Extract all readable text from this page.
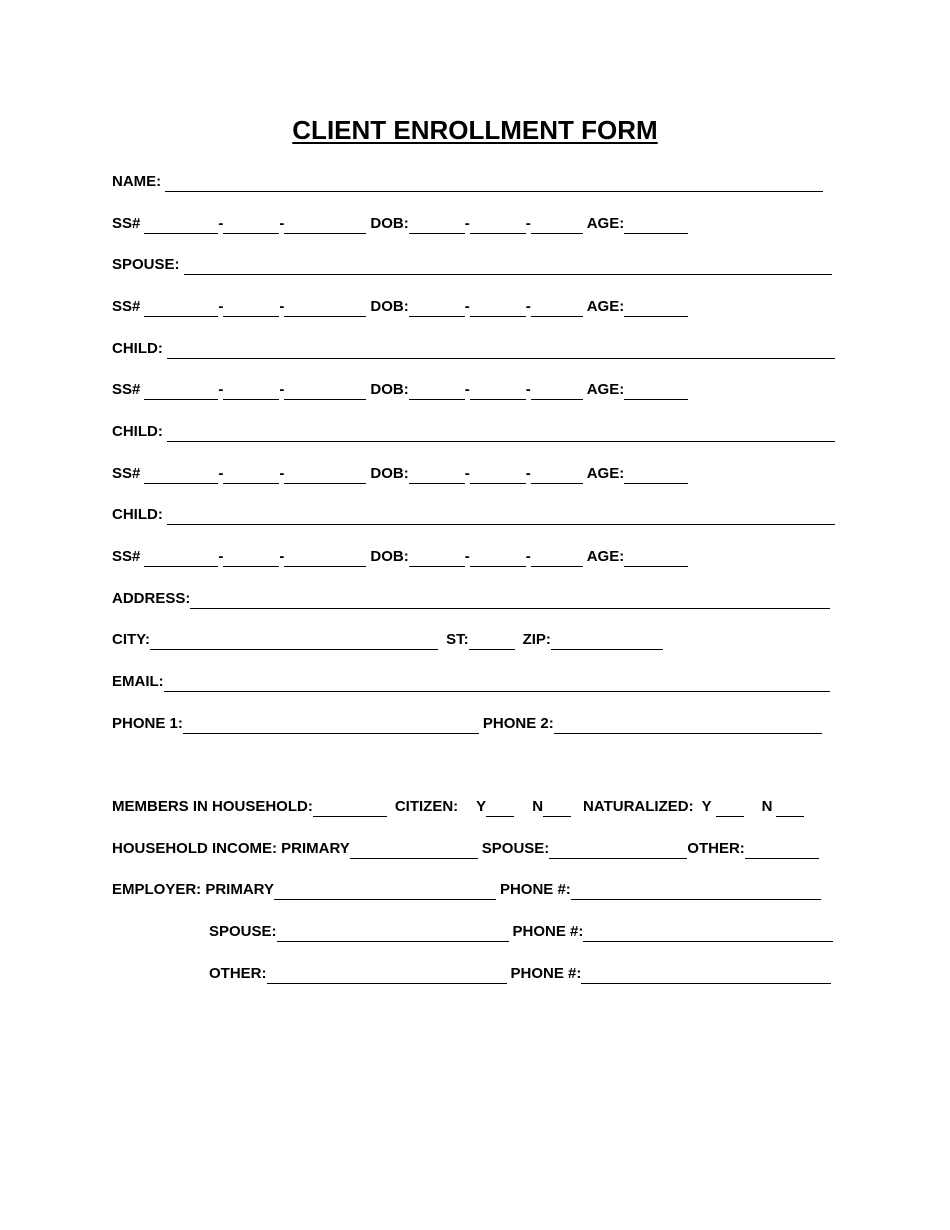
CLIENT ENROLLMENT FORM
NAME:
SS#	-	-	DOB:	-	-	AGE:
SPOUSE:
SS#	-	-	DOB:	-	-	AGE:
CHILD:
SS#	-	-	DOB:	-	-	AGE:
CHILD:
SS#	-	-	DOB:	-	-	AGE:
CHILD:
SS#	-	-	DOB:	-	-	AGE:
ADDRESS:
CITY:	ST:	ZIP:
EMAIL:
PHONE 1:	PHONE 2:
MEMBERS IN HOUSEHOLD:	CITIZEN: Y	N	NATURALIZED: Y	N
HOUSEHOLD INCOME: PRIMARY	SPOUSE:	OTHER:
EMPLOYER: PRIMARY	PHONE #:
SPOUSE:	PHONE #:
OTHER:	PHONE #:
